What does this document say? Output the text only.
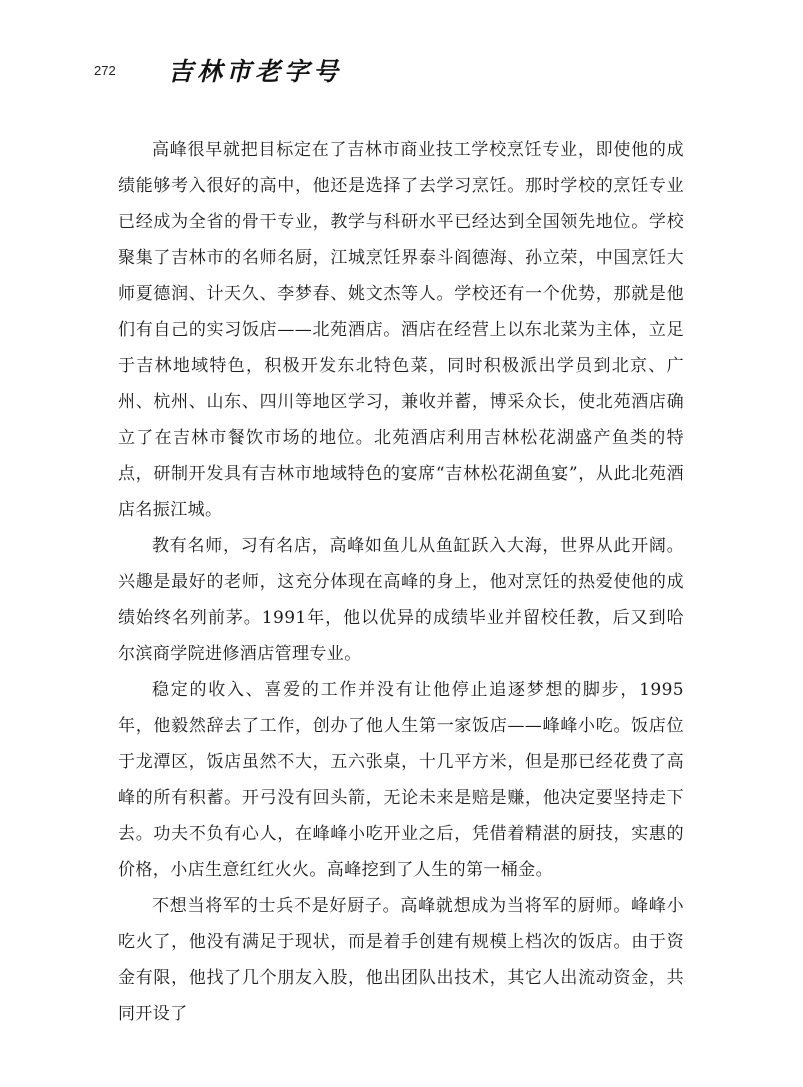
272 吉林市老字号

高峰很早就把目标定在了吉林市商业技工学校烹饪专业，即使他的成绩能够考入很好的高中，他还是选择了去学习烹饪。那时学校的烹饪专业已经成为全省的骨干专业，教学与科研水平已经达到全国领先地位。学校聚集了吉林市的名师名厨，江城烹饪界泰斗阎德海、孙立荣，中国烹饪大师夏德润、计天久、李梦春、姚文杰等人。学校还有一个优势，那就是他们有自己的实习饭店——北苑酒店。酒店在经营上以东北菜为主体，立足于吉林地域特色，积极开发东北特色菜，同时积极派出学员到北京、广州、杭州、山东、四川等地区学习，兼收并蓄，博采众长，使北苑酒店确立了在吉林市餐饮市场的地位。北苑酒店利用吉林松花湖盛产鱼类的特点，研制开发具有吉林市地域特色的宴席“吉林松花湖鱼宴”，从此北苑酒店名振江城。

教有名师，习有名店，高峰如鱼儿从鱼缸跃入大海，世界从此开阔。兴趣是最好的老师，这充分体现在高峰的身上，他对烹饪的热爱使他的成绩始终名列前茅。1991年，他以优异的成绩毕业并留校任教，后又到哈尔滨商学院进修酒店管理专业。

稳定的收入、喜爱的工作并没有让他停止追逐梦想的脚步，1995年，他毅然辞去了工作，创办了他人生第一家饭店——峰峰小吃。饭店位于龙潭区，饭店虽然不大，五六张桌，十几平方米，但是那已经花费了高峰的所有积蓄。开弓没有回头箭，无论未来是赔是赚，他决定要坚持走下去。功夫不负有心人，在峰峰小吃开业之后，凭借着精湛的厨技，实惠的价格，小店生意红红火火。高峰挖到了人生的第一桶金。

不想当将军的士兵不是好厨子。高峰就想成为当将军的厨师。峰峰小吃火了，他没有满足于现状，而是着手创建有规模上档次的饭店。由于资金有限，他找了几个朋友入股，他出团队出技术，其它人出流动资金，共同开设了
